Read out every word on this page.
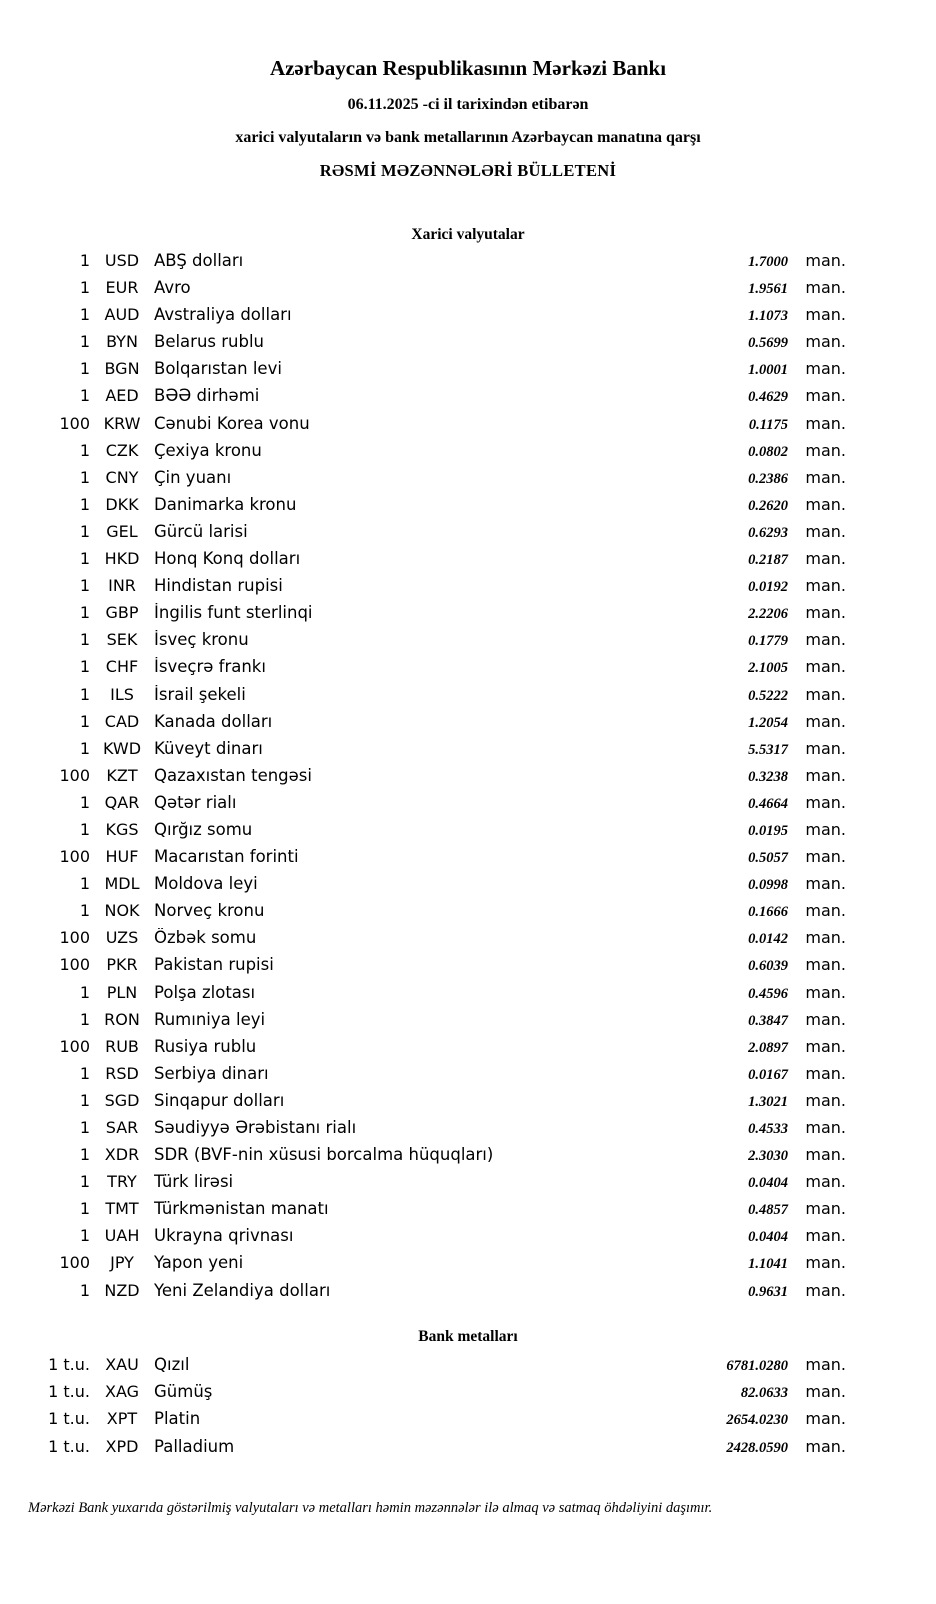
Azərbaycan Respublikasının Mərkəzi Bankı
06.11.2025 -ci il tarixindən etibarən
xarici valyutaların və bank metallarının Azərbaycan manatına qarşı
RƏSMİ MƏZƏNNƏLƏRİ BÜLLETENİ
Xarici valyutalar
1 USD ABŞ dolları	1.7000	man.
1 EUR Avro	1.9561	man.
1 AUD Avstraliya dolları	1.1073	man.
1	BYN Belarus rublu	0.5699	man.
1 BGN Bolqarıstan levi	1.0001	man.
1 AED BƏƏ dirhəmi	0.4629	man.
100 KRW Cənubi Korea vonu	0.1175	man.
1 CZK Çexiya kronu	0.0802	man.
1 CNY Çin yuanı	0.2386	man.
1 DKK Danimarka kronu	0.2620	man.
1	GEL Gürcü larisi	0.6293	man.
1 HKD Honq Konq dolları	0.2187	man.
1	INR	Hindistan rupisi	0.0192	man.
1 GBP İngilis funt sterlinqi	2.2206	man.
1	SEK	İsveç kronu	0.1779	man.
1 CHF İsveçrə frankı	2.1005	man.
1	ILS	İsrail şekeli	0.5222	man.
1 CAD Kanada dolları	1.2054	man.
1 KWD Küveyt dinarı	5.5317	man.
100	KZT Qazaxıstan tengəsi	0.3238	man.
1 QAR Qətər rialı	0.4664	man.
1 KGS Qırğız somu	0.0195	man.
100 HUF Macarıstan forinti	0.5057	man.
1 MDL Moldova leyi	0.0998	man.
1 NOK Norveç kronu	0.1666	man.
100 UZS Özbək somu	0.0142	man.
100	PKR Pakistan rupisi	0.6039	man.
1	PLN	Polşa zlotası	0.4596	man.
1 RON Rumıniya leyi	0.3847	man.
100 RUB Rusiya rublu	2.0897	man.
1 RSD Serbiya dinarı	0.0167	man.
1 SGD Sinqapur dolları	1.3021	man.
1 SAR Səudiyyə Ərəbistanı rialı	0.4533	man.
1 XDR SDR (BVF-nin xüsusi borcalma hüquqları)	2.3030	man.
1	TRY	Türk lirəsi	0.0404	man.
1 TMT Türkmənistan manatı	0.4857	man.
1 UAH Ukrayna qrivnası	0.0404	man.
100	JPY	Yapon yeni	1.1041	man.
1 NZD Yeni Zelandiya dolları	0.9631	man.
Bank metalları
1 t.u. XAU Qızıl	6781.0280	man.
1 t.u. XAG Gümüş	82.0633	man.
1 t.u.	XPT	Platin	2654.0230	man.
1 t.u. XPD Palladium	2428.0590	man.
Mərkəzi Bank yuxarıda göstərilmiş valyutaları və metalları həmin məzənnələr ilə almaq və satmaq öhdəliyini daşımır.
